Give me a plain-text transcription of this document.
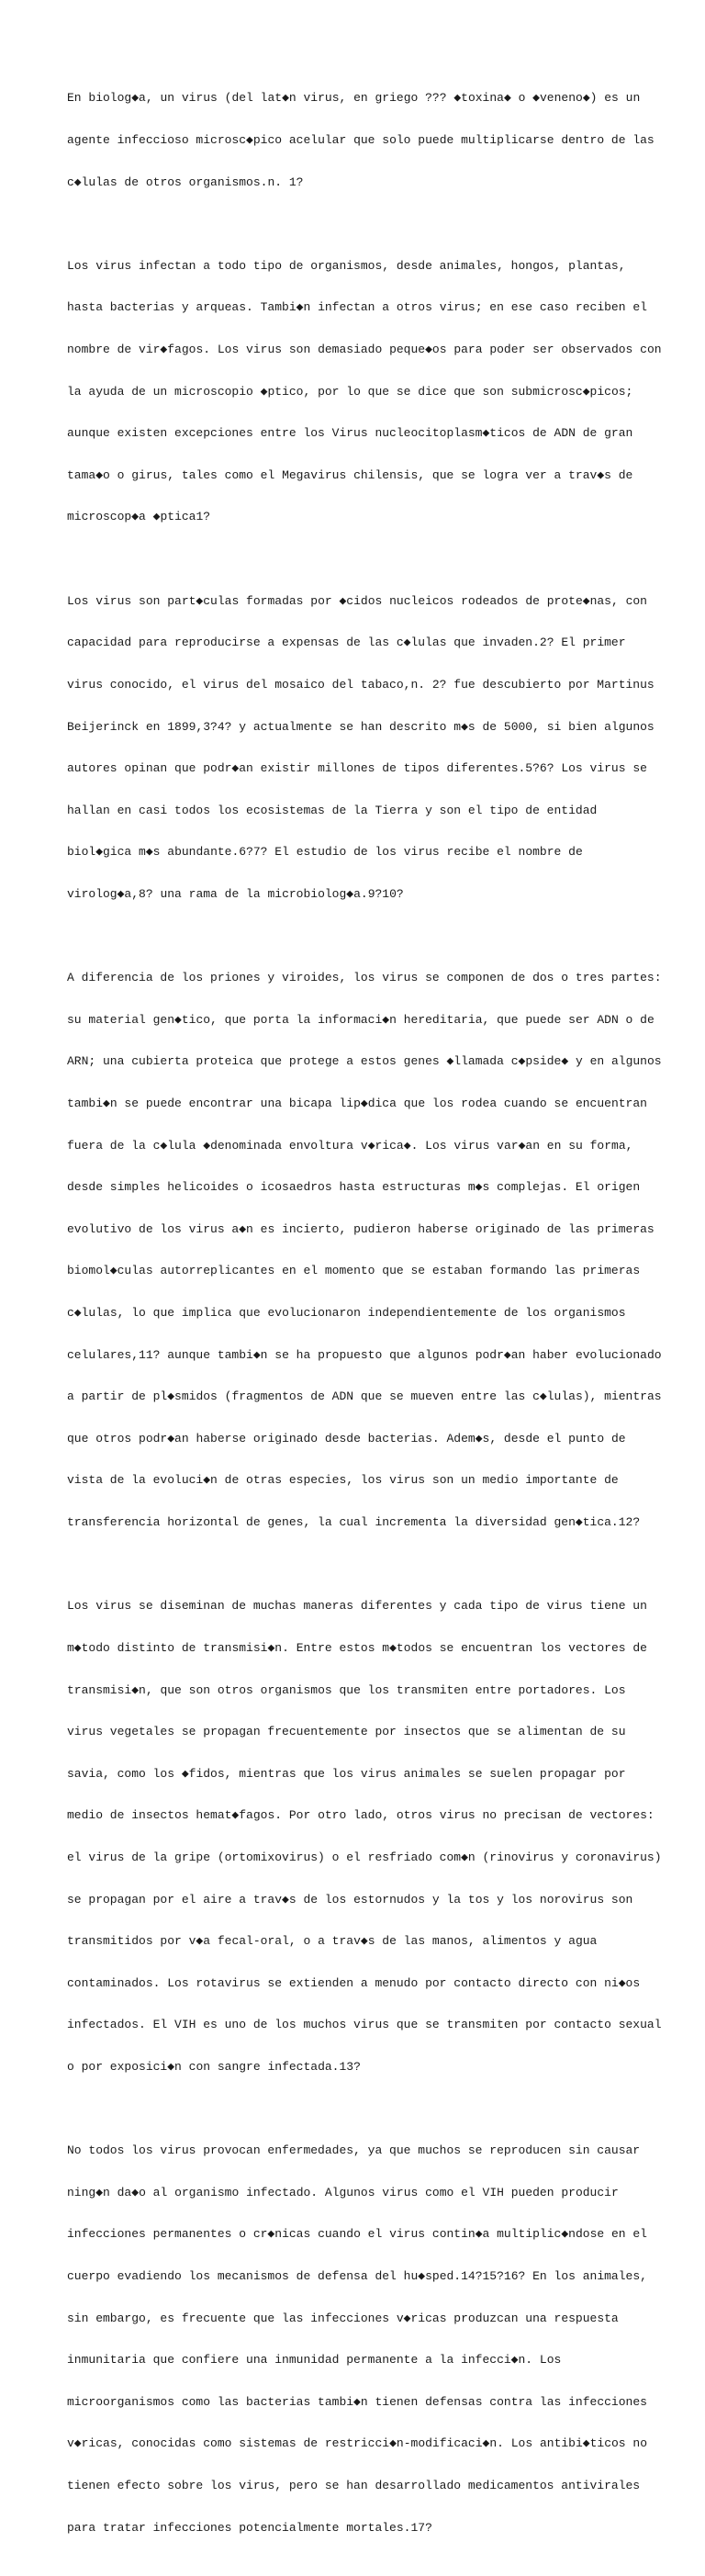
En biolog◆a, un virus (del lat◆n virus, en griego ??? ◆toxina◆ o ◆veneno◆) es un

agente infeccioso microsc◆pico acelular que solo puede multiplicarse dentro de las

c◆lulas de otros organismos.n. 1?

Los virus infectan a todo tipo de organismos, desde animales, hongos, plantas,

hasta bacterias y arqueas. Tambi◆n infectan a otros virus; en ese caso reciben el

nombre de vir◆fagos. Los virus son demasiado peque◆os para poder ser observados con

la ayuda de un microscopio ◆ptico, por lo que se dice que son submicrosc◆picos;

aunque existen excepciones entre los Virus nucleocitoplasm◆ticos de ADN de gran

tama◆o o girus, tales como el Megavirus chilensis, que se logra ver a trav◆s de

microscop◆a ◆ptica1?

Los virus son part◆culas formadas por ◆cidos nucleicos rodeados de prote◆nas, con

capacidad para reproducirse a expensas de las c◆lulas que invaden.2? El primer

virus conocido, el virus del mosaico del tabaco,n. 2? fue descubierto por Martinus

Beijerinck en 1899,3?4? y actualmente se han descrito m◆s de 5000, si bien algunos

autores opinan que podr◆an existir millones de tipos diferentes.5?6? Los virus se

hallan en casi todos los ecosistemas de la Tierra y son el tipo de entidad

biol◆gica m◆s abundante.6?7? El estudio de los virus recibe el nombre de

virolog◆a,8? una rama de la microbiolog◆a.9?10?

A diferencia de los priones y viroides, los virus se componen de dos o tres partes:

su material gen◆tico, que porta la informaci◆n hereditaria, que puede ser ADN o de

ARN; una cubierta proteica que protege a estos genes ◆llamada c◆pside◆ y en algunos

tambi◆n se puede encontrar una bicapa lip◆dica que los rodea cuando se encuentran

fuera de la c◆lula ◆denominada envoltura v◆rica◆. Los virus var◆an en su forma,

desde simples helicoides o icosaedros hasta estructuras m◆s complejas. El origen

evolutivo de los virus a◆n es incierto, pudieron haberse originado de las primeras

biomol◆culas autorreplicantes en el momento que se estaban formando las primeras

c◆lulas, lo que implica que evolucionaron independientemente de los organismos

celulares,11? aunque tambi◆n se ha propuesto que algunos podr◆an haber evolucionado

a partir de pl◆smidos (fragmentos de ADN que se mueven entre las c◆lulas), mientras

que otros podr◆an haberse originado desde bacterias. Adem◆s, desde el punto de

vista de la evoluci◆n de otras especies, los virus son un medio importante de

transferencia horizontal de genes, la cual incrementa la diversidad gen◆tica.12?

Los virus se diseminan de muchas maneras diferentes y cada tipo de virus tiene un

m◆todo distinto de transmisi◆n. Entre estos m◆todos se encuentran los vectores de

transmisi◆n, que son otros organismos que los transmiten entre portadores. Los

virus vegetales se propagan frecuentemente por insectos que se alimentan de su

savia, como los ◆fidos, mientras que los virus animales se suelen propagar por

medio de insectos hemat◆fagos. Por otro lado, otros virus no precisan de vectores:

el virus de la gripe (ortomixovirus) o el resfriado com◆n (rinovirus y coronavirus)

se propagan por el aire a trav◆s de los estornudos y la tos y los norovirus son

transmitidos por v◆a fecal-oral, o a trav◆s de las manos, alimentos y agua

contaminados. Los rotavirus se extienden a menudo por contacto directo con ni◆os

infectados. El VIH es uno de los muchos virus que se transmiten por contacto sexual

o por exposici◆n con sangre infectada.13?

No todos los virus provocan enfermedades, ya que muchos se reproducen sin causar

ning◆n da◆o al organismo infectado. Algunos virus como el VIH pueden producir

infecciones permanentes o cr◆nicas cuando el virus contin◆a multiplic◆ndose en el

cuerpo evadiendo los mecanismos de defensa del hu◆sped.14?15?16? En los animales,

sin embargo, es frecuente que las infecciones v◆ricas produzcan una respuesta

inmunitaria que confiere una inmunidad permanente a la infecci◆n. Los

microorganismos como las bacterias tambi◆n tienen defensas contra las infecciones

v◆ricas, conocidas como sistemas de restricci◆n-modificaci◆n. Los antibi◆ticos no

tienen efecto sobre los virus, pero se han desarrollado medicamentos antivirales

para tratar infecciones potencialmente mortales.17?
